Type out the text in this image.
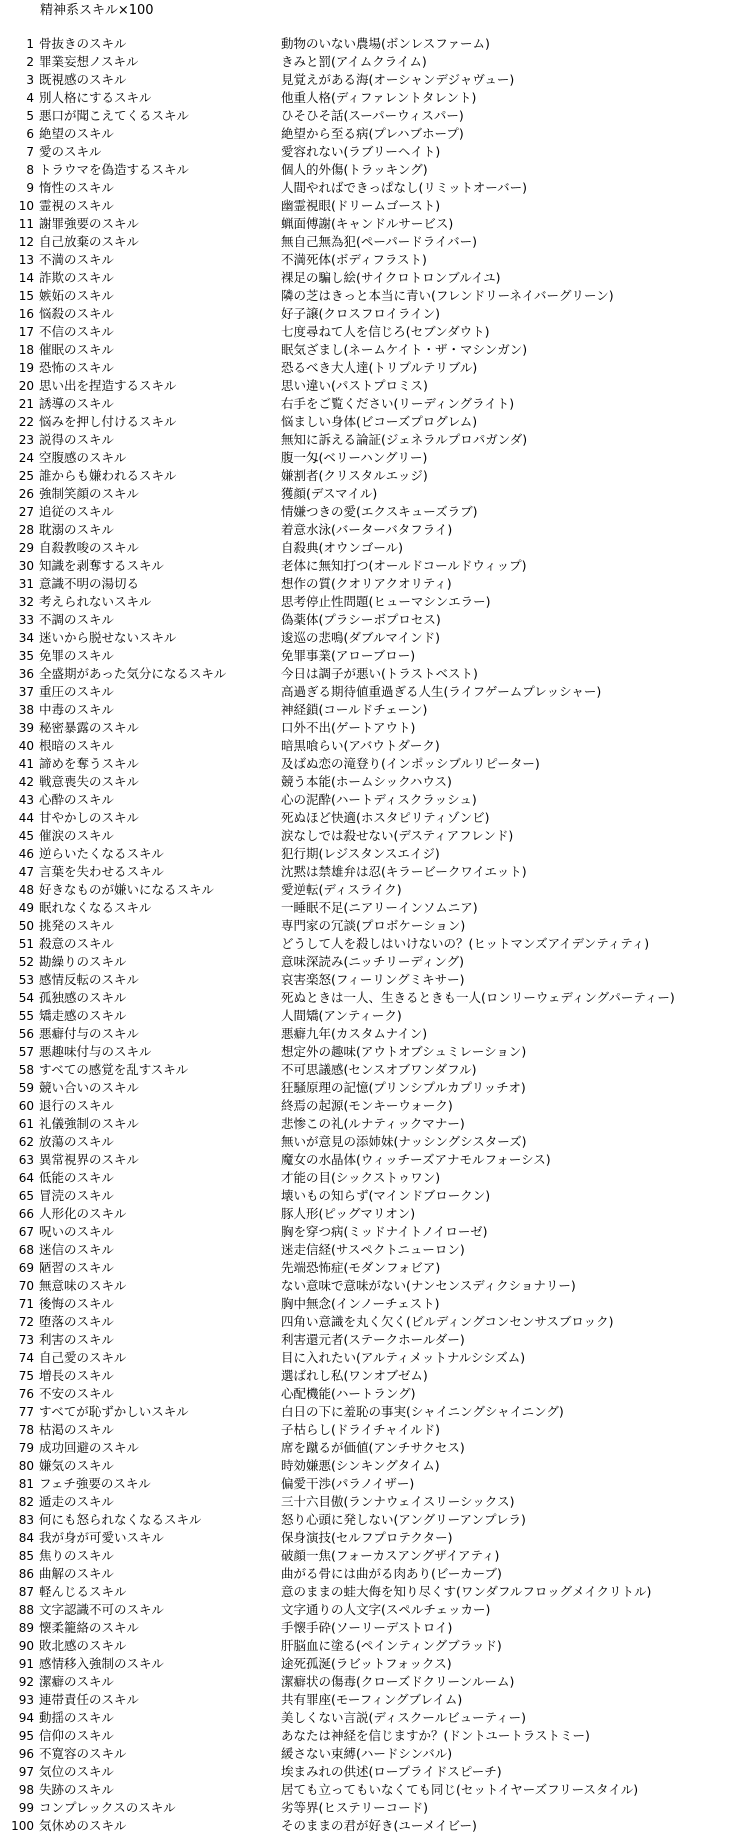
精神系スキル×100
1 骨抜きのスキル	動物のいない農場(ボンレスファーム)
2 罪業妄想ノスキル	きみと罰(アイムクライム)
3 既視感のスキル	見覚えがある海(オーシャンデジャヴュー)
4 別人格にするスキル	他重人格(ディファレントタレント)
5 悪口が聞こえてくるスキル	ひそひそ話(スーパーウィスパー)
6 絶望のスキル	絶望から至る病(プレハブホープ)
7 愛のスキル	愛容れない(ラブリーヘイト)
8 トラウマを偽造するスキル	個人的外傷(トラッキング)
9 惰性のスキル	人間やればできっぱなし(リミットオーバー)
10 霊視のスキル	幽霊視眼(ドリームゴースト)
11 謝罪強要のスキル	蝋面傅謝(キャンドルサービス)
12 自己放棄のスキル	無自己無為犯(ペーパードライバー)
13 不満のスキル	不満死体(ボディフラスト)
14 詐欺のスキル	裸足の騙し絵(サイクロトロンブルイユ)
15 嫉妬のスキル	隣の芝はきっと本当に青い(フレンドリーネイバーグリーン)
16 悩殺のスキル	好子譲(クロスフロイライン)
17 不信のスキル	七度尋ねて人を信じろ(セブンダウト)
18 催眠のスキル	眠気ざまし(ネームケイト・ザ・マシンガン)
19 恐怖のスキル	恐るべき大人達(トリプルテリブル)
20 思い出を捏造するスキル	思い違い(パストプロミス)
21 誘導のスキル	右手をご覧ください(リーディングライト)
22 悩みを押し付けるスキル	悩ましい身体(ビコーズプログレム)
23 説得のスキル	無知に訴える論証(ジェネラルプロパガンダ)
24 空腹感のスキル	腹一匁(ベリーハングリー)
25 誰からも嫌われるスキル	嫌割者(クリスタルエッジ)
26 強制笑顔のスキル	獲顔(デスマイル)
27 追従のスキル	情嫌つきの愛(エクスキューズラブ)
28 耽溺のスキル	着意水泳(バーターバタフライ)
29 自殺教唆のスキル	自殺典(オウンゴール)
30 知識を剥奪するスキル	老体に無知打つ(オールドコールドウィップ)
31 意識不明の湯切る	想作の質(クオリアクオリティ)
32 考えられないスキル	思考停止性問題(ヒューマシンエラー)
33 不調のスキル	偽薬体(プラシーボプロセス)
34 迷いから脱せないスキル	逡巡の悲鳴(ダブルマインド)
35 免罪のスキル	免罪事業(アローブロー)
36 全盛期があった気分になるスキル	今日は調子が悪い(トラストベスト)
37 重圧のスキル	高過ぎる期待値重過ぎる人生(ライフゲームプレッシャー)
38 中毒のスキル	神経鎖(コールドチェーン)
39 秘密暴露のスキル	口外不出(ゲートアウト)
40 根暗のスキル	暗黒喰らい(アバウトダーク)
41 諦めを奪うスキル	及ばぬ恋の滝登り(インポッシブルリピーター)
42 戦意喪失のスキル	競う本能(ホームシックハウス)
43 心酔のスキル	心の泥酔(ハートディスクラッシュ)
44 甘やかしのスキル	死ぬほど快適(ホスタピリティゾンビ)
45 催涙のスキル	涙なしでは殺せない(デスティアフレンド)
46 逆らいたくなるスキル	犯行期(レジスタンスエイジ)
47 言葉を失わせるスキル	沈黙は禁雄弁は忍(キラービークワイエット)
48 好きなものが嫌いになるスキル	愛逆転(ディスライク)
49 眠れなくなるスキル	一睡眠不足(ニアリーインソムニア)
50 挑発のスキル	専門家の冗談(プロボケーション)
51 殺意のスキル	どうして人を殺しはいけないの？(ヒットマンズアイデンティティ)
52 勘繰りのスキル	意味深読み(ニッチリーディング)
53 感情反転のスキル	哀害楽怒(フィーリングミキサー)
54 孤独感のスキル	死ぬときは一人、生きるときも一人(ロンリーウェディングパーティー)
55 矯走感のスキル	人間矯(アンティーク)
56 悪癖付与のスキル	悪癖九年(カスタムナイン)
57 悪趣味付与のスキル	想定外の趣味(アウトオブシュミレーション)
58 すべての感覚を乱すスキル	不可思議感(センスオブワンダフル)
59 競い合いのスキル	狂騒原理の記憶(プリンシプルカプリッチオ)
60 退行のスキル	終焉の起源(モンキーウォーク)
61 礼儀強制のスキル	悲惨この礼(ルナティックマナー)
62 放蕩のスキル	無いが意見の添姉妹(ナッシングシスターズ)
63 異常視界のスキル	魔女の水晶体(ウィッチーズアナモルフォーシス)
64 低能のスキル	才能の目(シックストゥワン)
65 冒涜のスキル	壊いもの知らず(マインドブロークン)
66 人形化のスキル	豚人形(ピッグマリオン)
67 呪いのスキル	胸を穿つ病(ミッドナイトノイローゼ)
68 迷信のスキル	迷走信経(サスペクトニューロン)
69 陋習のスキル	先端恐怖症(モダンフォビア)
70 無意味のスキル	ない意味で意味がない(ナンセンスディクショナリー)
71 後悔のスキル	胸中無念(インノーチェスト)
72 堕落のスキル	四角い意識を丸く欠く(ビルディングコンセンサスブロック)
73 利害のスキル	利害還元者(ステークホールダー)
74 自己愛のスキル	目に入れたい(アルティメットナルシシズム)
75 増長のスキル	選ばれし私(ワンオブゼム)
76 不安のスキル	心配機能(ハートラング)
77 すべてが恥ずかしいスキル	白日の下に羞恥の事実(シャイニングシャイニング)
78 枯渇のスキル	子枯らし(ドライチャイルド)
79 成功回避のスキル	席を蹴るが価値(アンチサクセス)
80 嫌気のスキル	時効嫌悪(シンキングタイム)
81 フェチ強要のスキル	偏愛干渉(パラノイザー)
82 遁走のスキル	三十六目傲(ランナウェイスリーシックス)
83 何にも怒られなくなるスキル	怒り心頭に発しない(アングリーアンプレラ)
84 我が身が可愛いスキル	保身演技(セルフプロテクター)
85 焦りのスキル	破顔一焦(フォーカスアングザイアティ)
86 曲解のスキル	曲がる骨には曲がる肉あり(ビーカーブ)
87 軽んじるスキル	意のままの蛙大侮を知り尽くす(ワンダフルフロッグメイクリトル)
88 文字認識不可のスキル	文字通りの人文字(スペルチェッカー)
89 懐柔籠絡のスキル	手懐手砕(ソーリーデストロイ)
90 敗北感のスキル	肝脳血に塗る(ペインティングブラッド)
91 感情移入強制のスキル	途死孤涎(ラビットフォックス)
92 潔癖のスキル	潔癖状の傷毒(クローズドクリーンルーム)
93 連帯責任のスキル	共有罪座(モーフィングブレイム)
94 動揺のスキル	美しくない言説(ディスクールビューティー)
95 信仰のスキル	あなたは神経を信じますか？(ドントユートラストミー)
96 不寛容のスキル	緩さない束縛(ハードシンバル)
97 気位のスキル	埃まみれの供述(ロープライドスピーチ)
98 失跡のスキル	居ても立ってもいなくても同じ(セットイヤーズフリースタイル)
99 コンプレックスのスキル	劣等界(ヒステリーコード)
100 気休めのスキル	そのままの君が好き(ユーメイビー)
